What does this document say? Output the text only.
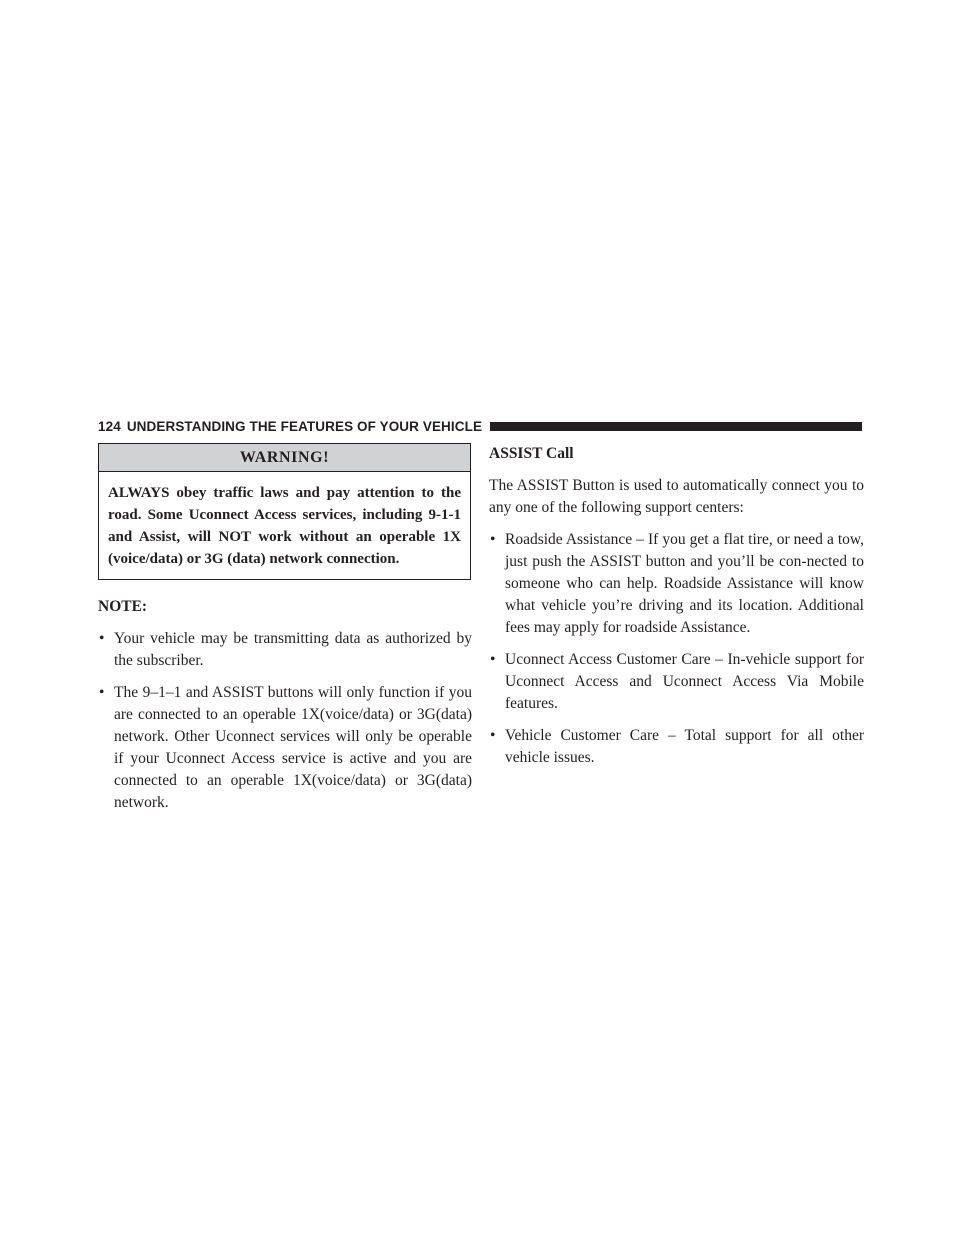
124 UNDERSTANDING THE FEATURES OF YOUR VEHICLE
WARNING!
ALWAYS obey traffic laws and pay attention to the road. Some Uconnect Access services, including 9-1-1 and Assist, will NOT work without an operable 1X (voice/data) or 3G (data) network connection.
NOTE:
• Your vehicle may be transmitting data as authorized by the subscriber.
• The 9–1–1 and ASSIST buttons will only function if you are connected to an operable 1X(voice/data) or 3G(data) network. Other Uconnect services will only be operable if your Uconnect Access service is active and you are connected to an operable 1X(voice/data) or 3G(data) network.
ASSIST Call
The ASSIST Button is used to automatically connect you to any one of the following support centers:
• Roadside Assistance – If you get a flat tire, or need a tow, just push the ASSIST button and you’ll be con-nected to someone who can help. Roadside Assistance will know what vehicle you’re driving and its location. Additional fees may apply for roadside Assistance.
• Uconnect Access Customer Care – In-vehicle support for Uconnect Access and Uconnect Access Via Mobile features.
• Vehicle Customer Care – Total support for all other vehicle issues.
